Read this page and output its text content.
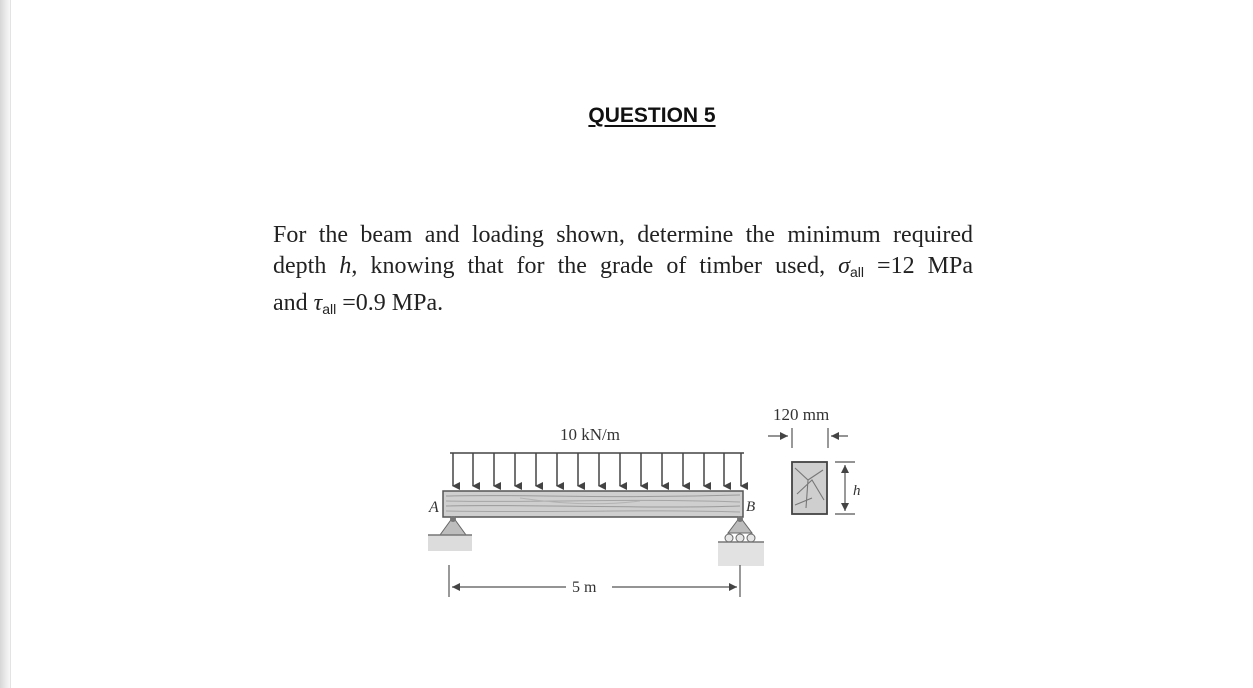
QUESTION 5
For the beam and loading shown, determine the minimum required
depth h, knowing that for the grade of timber used, $\sigma_{all} =12$ MPa
and $\tau_{all} =0.9$ MPa.
10 kN/m
A	B
5 m
120 mm
h
